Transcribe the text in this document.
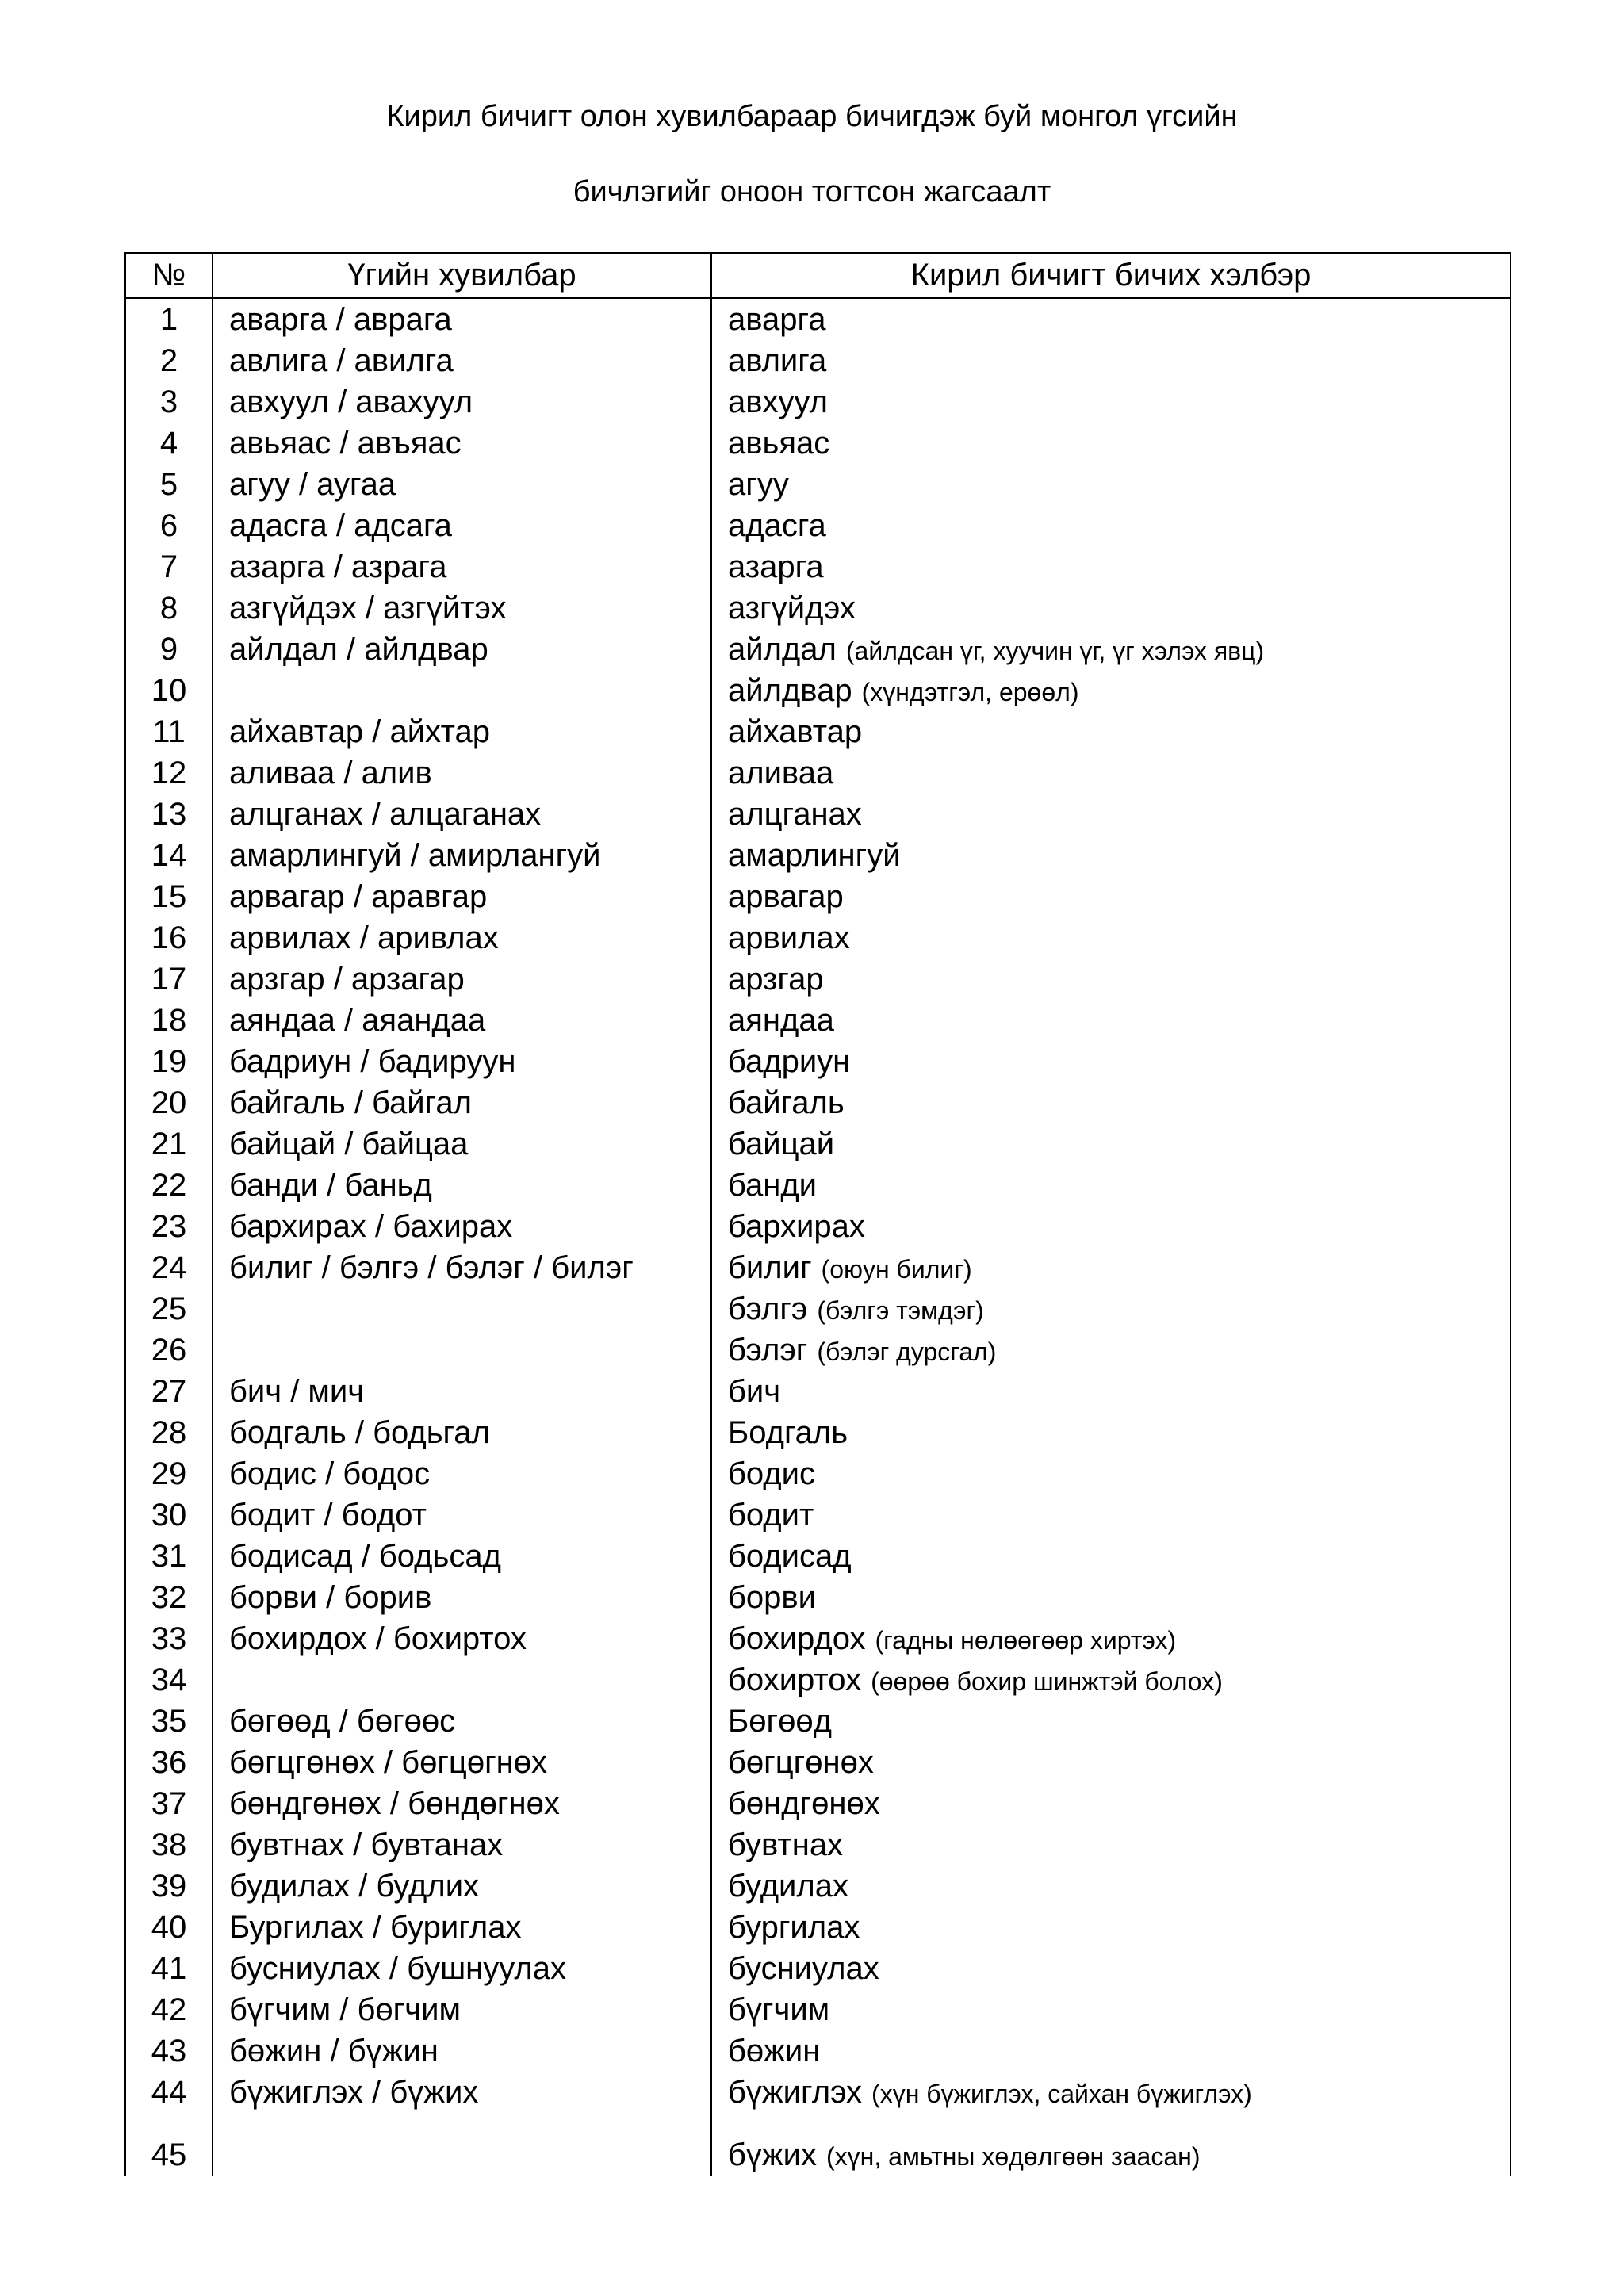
Кирил бичигт олон хувилбараар бичигдэж буй монгол үгсийн
бичлэгийг оноон тогтсон жагсаалт
№	Үгийн хувилбар	Кирил бичигт бичих хэлбэр
1	аварга / аврага	аварга
2	авлига / авилга	авлига
3	авхуул / авахуул	авхуул
4	авьяас / авъяас	авьяас
5	агуу / аугаа	агуу
6	адасга / адсага	адасга
7	азарга / азрага	азарга
8	азгүйдэх / азгүйтэх	азгүйдэх
9	айлдал / айлдвар	айлдал (айлдсан үг, хуучин үг, үг хэлэх явц)
10		айлдвар (хүндэтгэл, ерөөл)
11	айхавтар / айхтар	айхавтар
12	аливаа / алив	аливаа
13	алцганах / алцаганах	алцганах
14	амарлингуй / амирлангуй	амарлингуй
15	арвагар / аравгар	арвагар
16	арвилах / аривлах	арвилах
17	арзгар / арзагар	арзгар
18	аяндаа / аяандаа	аяндаа
19	бадриун / бадируун	бадриун
20	байгаль / байгал	байгаль
21	байцай / байцаа	байцай
22	банди / баньд	банди
23	бархирах / бахирах	бархирах
24	билиг / бэлгэ / бэлэг / билэг	билиг (оюун билиг)
25		бэлгэ (бэлгэ тэмдэг)
26		бэлэг (бэлэг дурсгал)
27	бич / мич	бич
28	бодгаль / бодьгал	Бодгаль
29	бодис / бодос	бодис
30	бодит / бодот	бодит
31	бодисад / бодьсад	бодисад
32	борви / борив	борви
33	бохирдох / бохиртох	бохирдох (гадны нөлөөгөөр хиртэх)
34		бохиртох (өөрөө бохир шинжтэй болох)
35	бөгөөд / бөгөөс	Бөгөөд
36	бөгцгөнөх / бөгцөгнөх	бөгцгөнөх
37	бөндгөнөх / бөндөгнөх	бөндгөнөх
38	бувтнах / бувтанах	бувтнах
39	будилах / будлих	будилах
40	Бургилах / буриглах	бургилах
41	бусниулах / бушнуулах	бусниулах
42	бүгчим / бөгчим	бүгчим
43	бөжин / бүжин	бөжин
44	бүжиглэх / бүжих	бүжиглэх (хүн бүжиглэх, сайхан бүжиглэх)
45		бүжих (хүн, амьтны хөдөлгөөн заасан)
